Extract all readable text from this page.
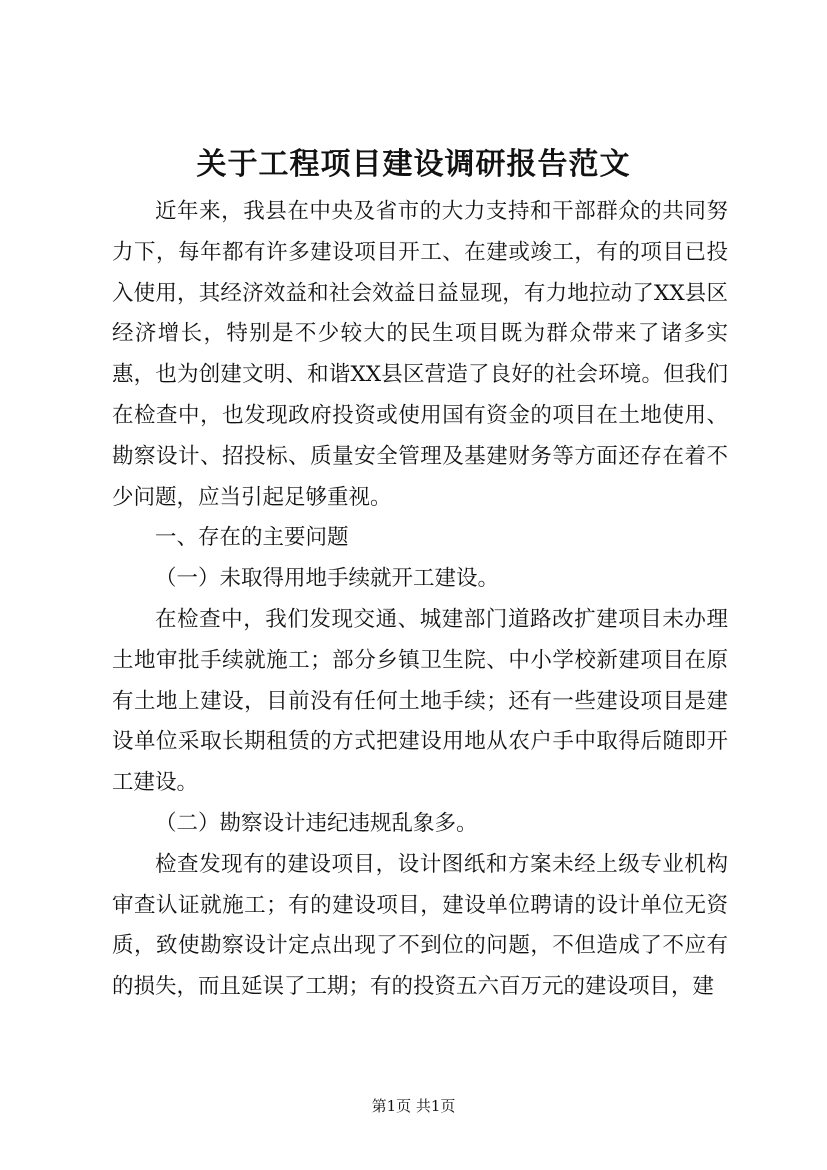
关于工程项目建设调研报告范文

近年来，我县在中央及省市的大力支持和干部群众的共同努力下，每年都有许多建设项目开工、在建或竣工，有的项目已投入使用，其经济效益和社会效益日益显现，有力地拉动了XX县区经济增长，特别是不少较大的民生项目既为群众带来了诸多实惠，也为创建文明、和谐XX县区营造了良好的社会环境。但我们在检查中，也发现政府投资或使用国有资金的项目在土地使用、勘察设计、招投标、质量安全管理及基建财务等方面还存在着不少问题，应当引起足够重视。

一、存在的主要问题

（一）未取得用地手续就开工建设。

在检查中，我们发现交通、城建部门道路改扩建项目未办理土地审批手续就施工；部分乡镇卫生院、中小学校新建项目在原有土地上建设，目前没有任何土地手续；还有一些建设项目是建设单位采取长期租赁的方式把建设用地从农户手中取得后随即开工建设。

（二）勘察设计违纪违规乱象多。

检查发现有的建设项目，设计图纸和方案未经上级专业机构审查认证就施工；有的建设项目，建设单位聘请的设计单位无资质，致使勘察设计定点出现了不到位的问题，不但造成了不应有的损失，而且延误了工期；有的投资五六百万元的建设项目，建

第1页 共1页
